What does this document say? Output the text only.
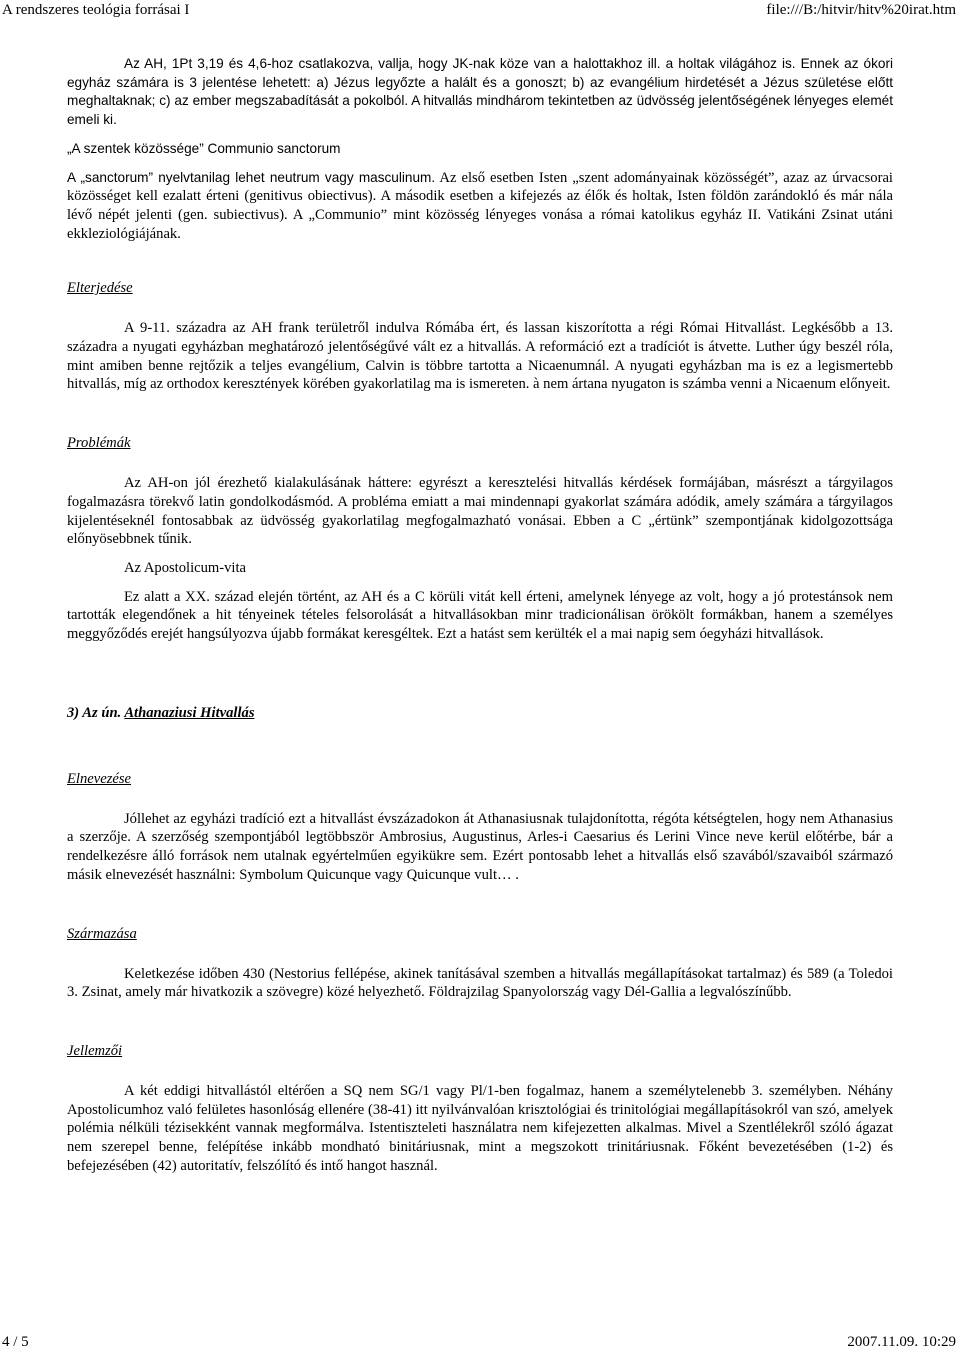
A rendszeres teológia forrásai I	file:///B:/hitvir/hitv%20irat.htm

Az AH, 1Pt 3,19 és 4,6-hoz csatlakozva, vallja, hogy JK-nak köze van a halottakhoz ill. a holtak világához is. Ennek az ókori egyház számára is 3 jelentése lehetett: a) Jézus legyőzte a halált és a gonoszt; b) az evangélium hirdetését a Jézus születése előtt meghaltaknak; c) az ember megszabadítását a pokolból. A hitvallás mindhárom tekintetben az üdvösség jelentőségének lényeges elemét emeli ki.

„A szentek közössége” Communio sanctorum

A „sanctorum” nyelvtanilag lehet neutrum vagy masculinum. Az első esetben Isten „szent adományainak közösségét”, azaz az úrvacsorai közösséget kell ezalatt érteni (genitivus obiectivus). A második esetben a kifejezés az élők és holtak, Isten földön zarándokló és már nála lévő népét jelenti (gen. subiectivus). A „Communio” mint közösség lényeges vonása a római katolikus egyház II. Vatikáni Zsinat utáni ekkleziológiájának.

Elterjedése

A 9-11. századra az AH frank területről indulva Rómába ért, és lassan kiszorította a régi Római Hitvallást. Legkésőbb a 13. századra a nyugati egyházban meghatározó jelentőségűvé vált ez a hitvallás. A reformáció ezt a tradíciót is átvette. Luther úgy beszél róla, mint amiben benne rejtőzik a teljes evangélium, Calvin is többre tartotta a Nicaenumnál. A nyugati egyházban ma is ez a legismertebb hitvallás, míg az orthodox keresztények körében gyakorlatilag ma is ismereten. à nem ártana nyugaton is számba venni a Nicaenum előnyeit.

Problémák

Az AH-on jól érezhető kialakulásának háttere: egyrészt a keresztelési hitvallás kérdések formájában, másrészt a tárgyilagos fogalmazásra törekvő latin gondolkodásmód. A probléma emiatt a mai mindennapi gyakorlat számára adódik, amely számára a tárgyilagos kijelentéseknél fontosabbak az üdvösség gyakorlatilag megfogalmazható vonásai. Ebben a C „értünk” szempontjának kidolgozottsága előnyösebbnek tűnik.

Az Apostolicum-vita

Ez alatt a XX. század elején történt, az AH és a C körüli vitát kell érteni, amelynek lényege az volt, hogy a jó protestánsok nem tartották elegendőnek a hit tényeinek tételes felsorolását a hitvallásokban minr tradicionálisan örökölt formákban, hanem a személyes meggyőződés erejét hangsúlyozva újabb formákat keresgéltek. Ezt a hatást sem kerülték el a mai napig sem óegyházi hitvallások.

3) Az ún. Athanaziusi Hitvallás
Elnevezése

Jóllehet az egyházi tradíció ezt a hitvallást évszázadokon át Athanasiusnak tulajdonította, régóta kétségtelen, hogy nem Athanasius a szerzője. A szerzőség szempontjából legtöbbször Ambrosius, Augustinus, Arles-i Caesarius és Lerini Vince neve kerül előtérbe, bár a rendelkezésre álló források nem utalnak egyértelműen egyikükre sem. Ezért pontosabb lehet a hitvallás első szavából/szavaiból származó másik elnevezését használni: Symbolum Quicunque vagy Quicunque vult… .

Származása

Keletkezése időben 430 (Nestorius fellépése, akinek tanításával szemben a hitvallás megállapításokat tartalmaz) és 589 (a Toledoi 3. Zsinat, amely már hivatkozik a szövegre) közé helyezhető. Földrajzilag Spanyolország vagy Dél-Gallia a legvalószínűbb.

Jellemzői

A két eddigi hitvallástól eltérően a SQ nem SG/1 vagy Pl/1-ben fogalmaz, hanem a személytelenebb 3. személyben. Néhány Apostolicumhoz való felületes hasonlóság ellenére (38-41) itt nyilvánvalóan krisztológiai és trinitológiai megállapításokról van szó, amelyek polémia nélküli tézisekként vannak megformálva. Istentiszteleti használatra nem kifejezetten alkalmas. Mivel a Szentlélekről szóló ágazat nem szerepel benne, felépítése inkább mondható binitáriusnak, mint a megszokott trinitáriusnak. Főként bevezetésében (1-2) és befejezésében (42) autoritatív, felszólító és intő hangot használ.

4 / 5	2007.11.09. 10:29
